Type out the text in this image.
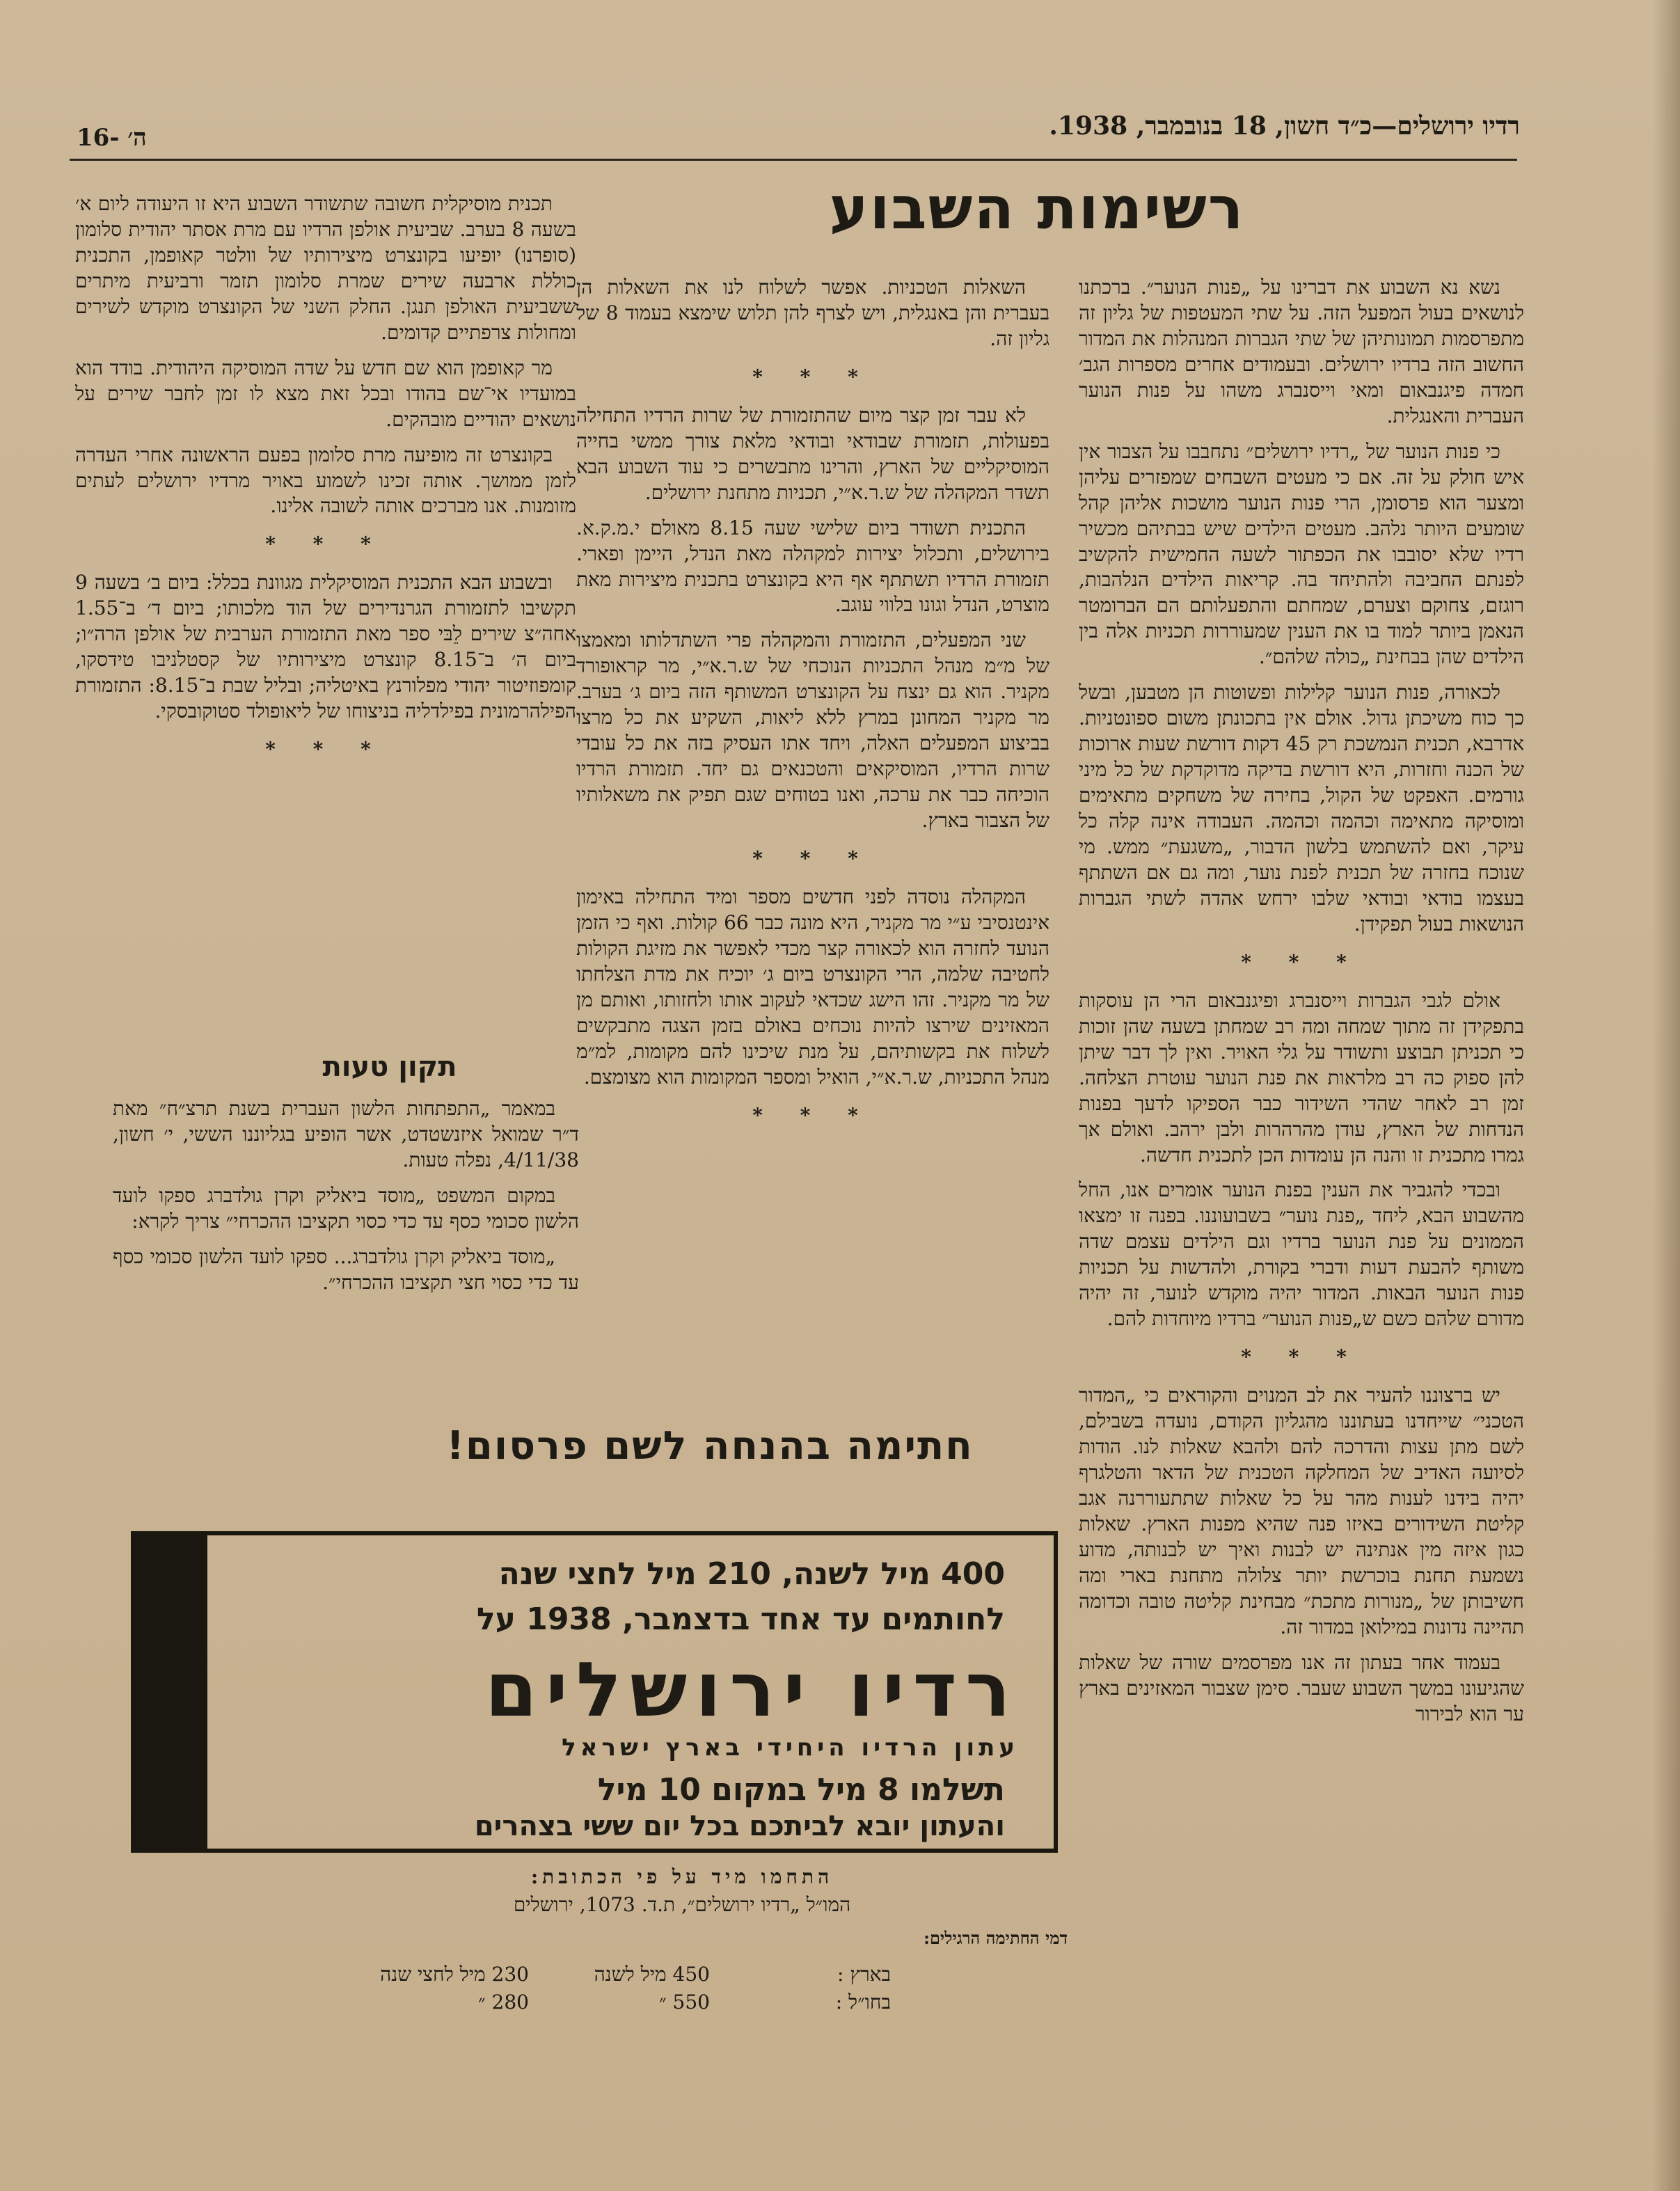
ה׳ -16	רדיו ירושלים—כ״ד חשון, 18 בנובמבר, 1938.
רשימות השבוע

נשא נא השבוע את דברינו על „פנות הנוער״. ברכתנו לנושאים בעול המפעל הזה. על שתי המעטפות של גליון זה מתפרסמות תמונותיהן של שתי הגברות המנהלות את המדור החשוב הזה ברדיו ירושלים. ובעמודים אחרים מספרות הגב׳ חמדה פיגנבאום ומאי וייסנברג משהו על פנות הנוער העברית והאנגלית.

כי פנות הנוער של „רדיו ירושלים״ נתחבבו על הצבור אין איש חולק על זה. אם כי מעטים השבחים שמפזרים עליהן ומצער הוא פרסומן, הרי פנות הנוער מושכות אליהן קהל שומעים היותר נלהב. מעטים הילדים שיש בבתיהם מכשיר רדיו שלא יסובבו את הכפתור לשעה החמישית להקשיב לפנתם החביבה ולהתיחד בה. קריאות הילדים הנלהבות, רוגזם, צחוקם וצערם, שמחתם והתפעלותם הם הברומטר הנאמן ביותר למוד בו את הענין שמעוררות תכניות אלה בין הילדים שהן בבחינת „כולה שלהם״.

לכאורה, פנות הנוער קלילות ופשוטות הן מטבען, ובשל כך כוח משיכתן גדול. אולם אין בתכונתן משום ספונטניות. אדרבא, תכנית הנמשכת רק 45 דקות דורשת שעות ארוכות של הכנה וחזרות, היא דורשת בדיקה מדוקדקת של כל מיני גורמים. האפקט של הקול, בחירה של משחקים מתאימים ומוסיקה מתאימה וכהמה וכהמה. העבודה אינה קלה כל עיקר, ואם להשתמש בלשון הדבור, „משגעת״ ממש. מי שנוכח בחזרה של תכנית לפנת נוער, ומה גם אם השתתף בעצמו בודאי ובודאי שלבו ירחש אהדה לשתי הגברות הנושאות בעול תפקידן.

* * *

אולם לגבי הגברות וייסנברג ופיגנבאום הרי הן עוסקות בתפקידן זה מתוך שמחה ומה רב שמחתן בשעה שהן זוכות כי תכניתן תבוצע ותשודר על גלי האויר. ואין לך דבר שיתן להן ספוק כה רב מלראות את פנת הנוער עוטרת הצלחה. זמן רב לאחר שהדי השידור כבר הספיקו לדעך בפנות הנדחות של הארץ, עודן מהרהרות ולבן ירהב. ואולם אך גמרו מתכנית זו והנה הן עומדות הכן לתכנית חדשה.

ובכדי להגביר את הענין בפנת הנוער אומרים אנו, החל מהשבוע הבא, ליחד „פנת נוער״ בשבועוננו. בפנה זו ימצאו הממונים על פנת הנוער ברדיו וגם הילדים עצמם שדה משותף להבעת דעות ודברי בקורת, ולהדשות על תכניות פנות הנוער הבאות. המדור יהיה מוקדש לנוער, זה יהיה מדורם שלהם כשם ש„פנות הנוער״ ברדיו מיוחדות להם.

* * *

יש ברצוננו להעיר את לב המנוים והקוראים כי „המדור הטכני״ שייחדנו בעתוננו מהגליון הקודם, נועדה בשבילם, לשם מתן עצות והדרכה להם ולהבא שאלות לנו. הודות לסיועה האדיב של המחלקה הטכנית של הדאר והטלגרף יהיה בידנו לענות מהר על כל שאלות שתתעוררנה אגב קליטת השידורים באיזו פנה שהיא מפנות הארץ. שאלות כגון איזה מין אנתינה יש לבנות ואיך יש לבנותה, מדוע נשמעת תחנת בוכרשת יותר צלולה מתחנת בארי ומה חשיבותן של „מנורות מתכת״ מבחינת קליטה טובה וכדומה תהיינה נדונות במילואן במדור זה.

בעמוד אחר בעתון זה אנו מפרסמים שורה של שאלות שהגיעונו במשך השבוע שעבר. סימן שצבור המאזינים בארץ ער הוא לבירור

השאלות הטכניות. אפשר לשלוח לנו את השאלות הן בעברית והן באנגלית, ויש לצרף להן תלוש שימצא בעמוד 8 של גליון זה.

* * *

לא עבר זמן קצר מיום שהתזמורת של שרות הרדיו התחילה בפעולות, תזמורת שבודאי ובודאי מלאת צורך ממשי בחייה המוסיקליים של הארץ, והרינו מתבשרים כי עוד השבוע הבא תשדר המקהלה של ש.ר.א״י, תכניות מתחנת ירושלים.

התכנית תשודר ביום שלישי שעה 8.15 מאולם י.מ.ק.א. בירושלים, ותכלול יצירות למקהלה מאת הנדל, היימן ופארי. תזמורת הרדיו תשתתף אף היא בקונצרט בתכנית מיצירות מאת מוצרט, הנדל וגונו בלווי עוגב.

שני המפעלים, התזמורת והמקהלה פרי השתדלותו ומאמצו של מ״מ מנהל התכניות הנוכחי של ש.ר.א״י, מר קראופורד מקניר. הוא גם ינצח על הקונצרט המשותף הזה ביום ג׳ בערב. מר מקניר המחונן במרץ ללא ליאות, השקיע את כל מרצו בביצוע המפעלים האלה, ויחד אתו העסיק בזה את כל עובדי שרות הרדיו, המוסיקאים והטכנאים גם יחד. תזמורת הרדיו הוכיחה כבר את ערכה, ואנו בטוחים שגם תפיק את משאלותיו של הצבור בארץ.

* * *

המקהלה נוסדה לפני חדשים מספר ומיד התחילה באימון אינטנסיבי ע״י מר מקניר, היא מונה כבר 66 קולות. ואף כי הזמן הנועד לחזרה הוא לכאורה קצר מכדי לאפשר את מזיגת הקולות לחטיבה שלמה, הרי הקונצרט ביום ג׳ יוכיח את מדת הצלחתו של מר מקניר. זהו הישג שכדאי לעקוב אותו ולחזותו, ואותם מן המאזינים שירצו להיות נוכחים באולם בזמן הצגה מתבקשים לשלוח את בקשותיהם, על מנת שיכינו להם מקומות, למ״מ מנהל התכניות, ש.ר.א״י, הואיל ומספר המקומות הוא מצומצם.

* * *

תכנית מוסיקלית חשובה שתשודר השבוע היא זו היעודה ליום א׳ בשעה 8 בערב. שביעית אולפן הרדיו עם מרת אסתר יהודית סלומון (סופרנו) יופיעו בקונצרט מיצירותיו של וולטר קאופמן, התכנית כוללת ארבעה שירים שמרת סלומון תזמר ורביעית מיתרים ששביעית האולפן תנגן. החלק השני של הקונצרט מוקדש לשירים ומחולות צרפתיים קדומים.

מר קאופמן הוא שם חדש על שדה המוסיקה היהודית. בודד הוא במועדיו אי־שם בהודו ובכל זאת מצא לו זמן לחבר שירים על נושאים יהודיים מובהקים.

בקונצרט זה מופיעה מרת סלומון בפעם הראשונה אחרי העדרה לזמן ממושך. אותה זכינו לשמוע באויר מרדיו ירושלים לעתים מזומנות. אנו מברכים אותה לשובה אלינו.

* * *

ובשבוע הבא התכנית המוסיקלית מגוונת בכלל: ביום ב׳ בשעה 9 תקשיבו לתזמורת הגרנדירים של הוד מלכותו; ביום ד׳ ב־1.55 אחה״צ שירים לֵבּי ספר מאת התזמורת הערבית של אולפן הרה״ו; ביום ה׳ ב־8.15 קונצרט מיצירותיו של קסטלניבו טידסקו, קומפוזיטור יהודי מפלורנץ באיטליה; ובליל שבת ב־8.15: התזמורת הפילהרמונית בפילדליה בניצוחו של ליאופולד סטוקובסקי.

* * *

תקון טעות

במאמר „התפתחות הלשון העברית בשנת תרצ״ח״ מאת ד״ר שמואל איזנשטדט, אשר הופיע בגליוננו הששי, י׳ חשון, 4/11/38, נפלה טעות.

במקום המשפט „מוסד ביאליק וקרן גולדברג ספקו לועד הלשון סכומי כסף עד כדי כסוי תקציבו ההכרחי״ צריך לקרא:

„מוסד ביאליק וקרן גולדברג... ספקו לועד הלשון סכומי כסף עד כדי כסוי חצי תקציבו ההכרחי״.

חתימה בהנחה לשם פרסום!
400 מיל לשנה, 210 מיל לחצי שנה
לחותמים עד אחד בדצמבר, 1938 על
רדיו ירושלים
עתון הרדיו היחידי בארץ ישראל
תשלמו 8 מיל במקום 10 מיל
והעתון יובא לביתכם בכל יום ששי בצהרים
התחמו מיד על פי הכתובת:
המו״ל „רדיו ירושלים״, ת.ד. 1073, ירושלים
דמי החתימה הרגילים:
בארץ :
450 מיל לשנה
230 מיל לחצי שנה
בחו״ל :
550 ״
280 ״
